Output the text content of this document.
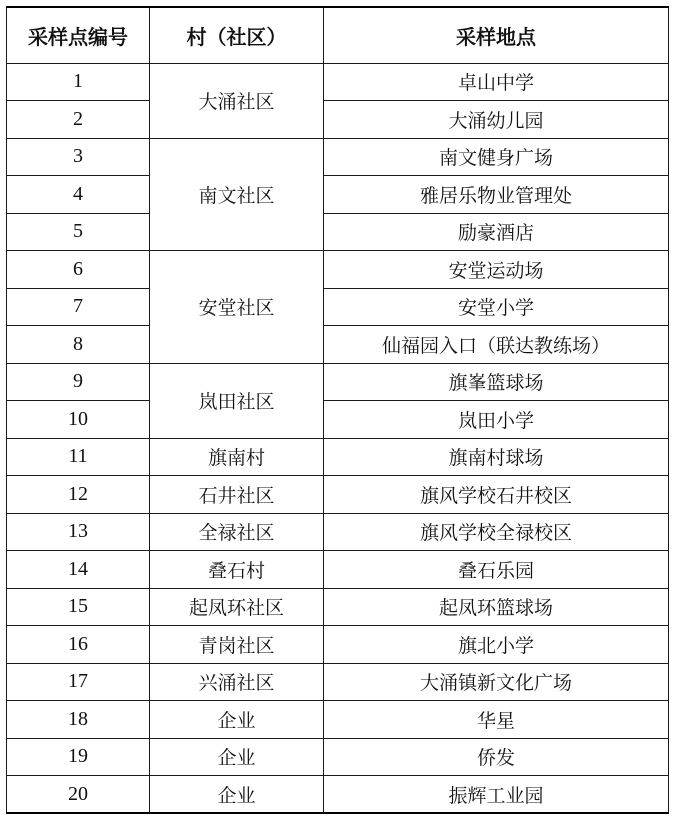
采样点编号	村（社区）	采样地点
1	大涌社区	卓山中学
2		大涌幼儿园
3	南文社区	南文健身广场
4		雅居乐物业管理处
5		励豪酒店
6	安堂社区	安堂运动场
7		安堂小学
8		仙福园入口（联达教练场）
9	岚田社区	旗峯篮球场
10		岚田小学
11	旗南村	旗南村球场
12	石井社区	旗风学校石井校区
13	全禄社区	旗风学校全禄校区
14	叠石村	叠石乐园
15	起凤环社区	起凤环篮球场
16	青岗社区	旗北小学
17	兴涌社区	大涌镇新文化广场
18	企业	华星
19	企业	侨发
20	企业	振辉工业园
